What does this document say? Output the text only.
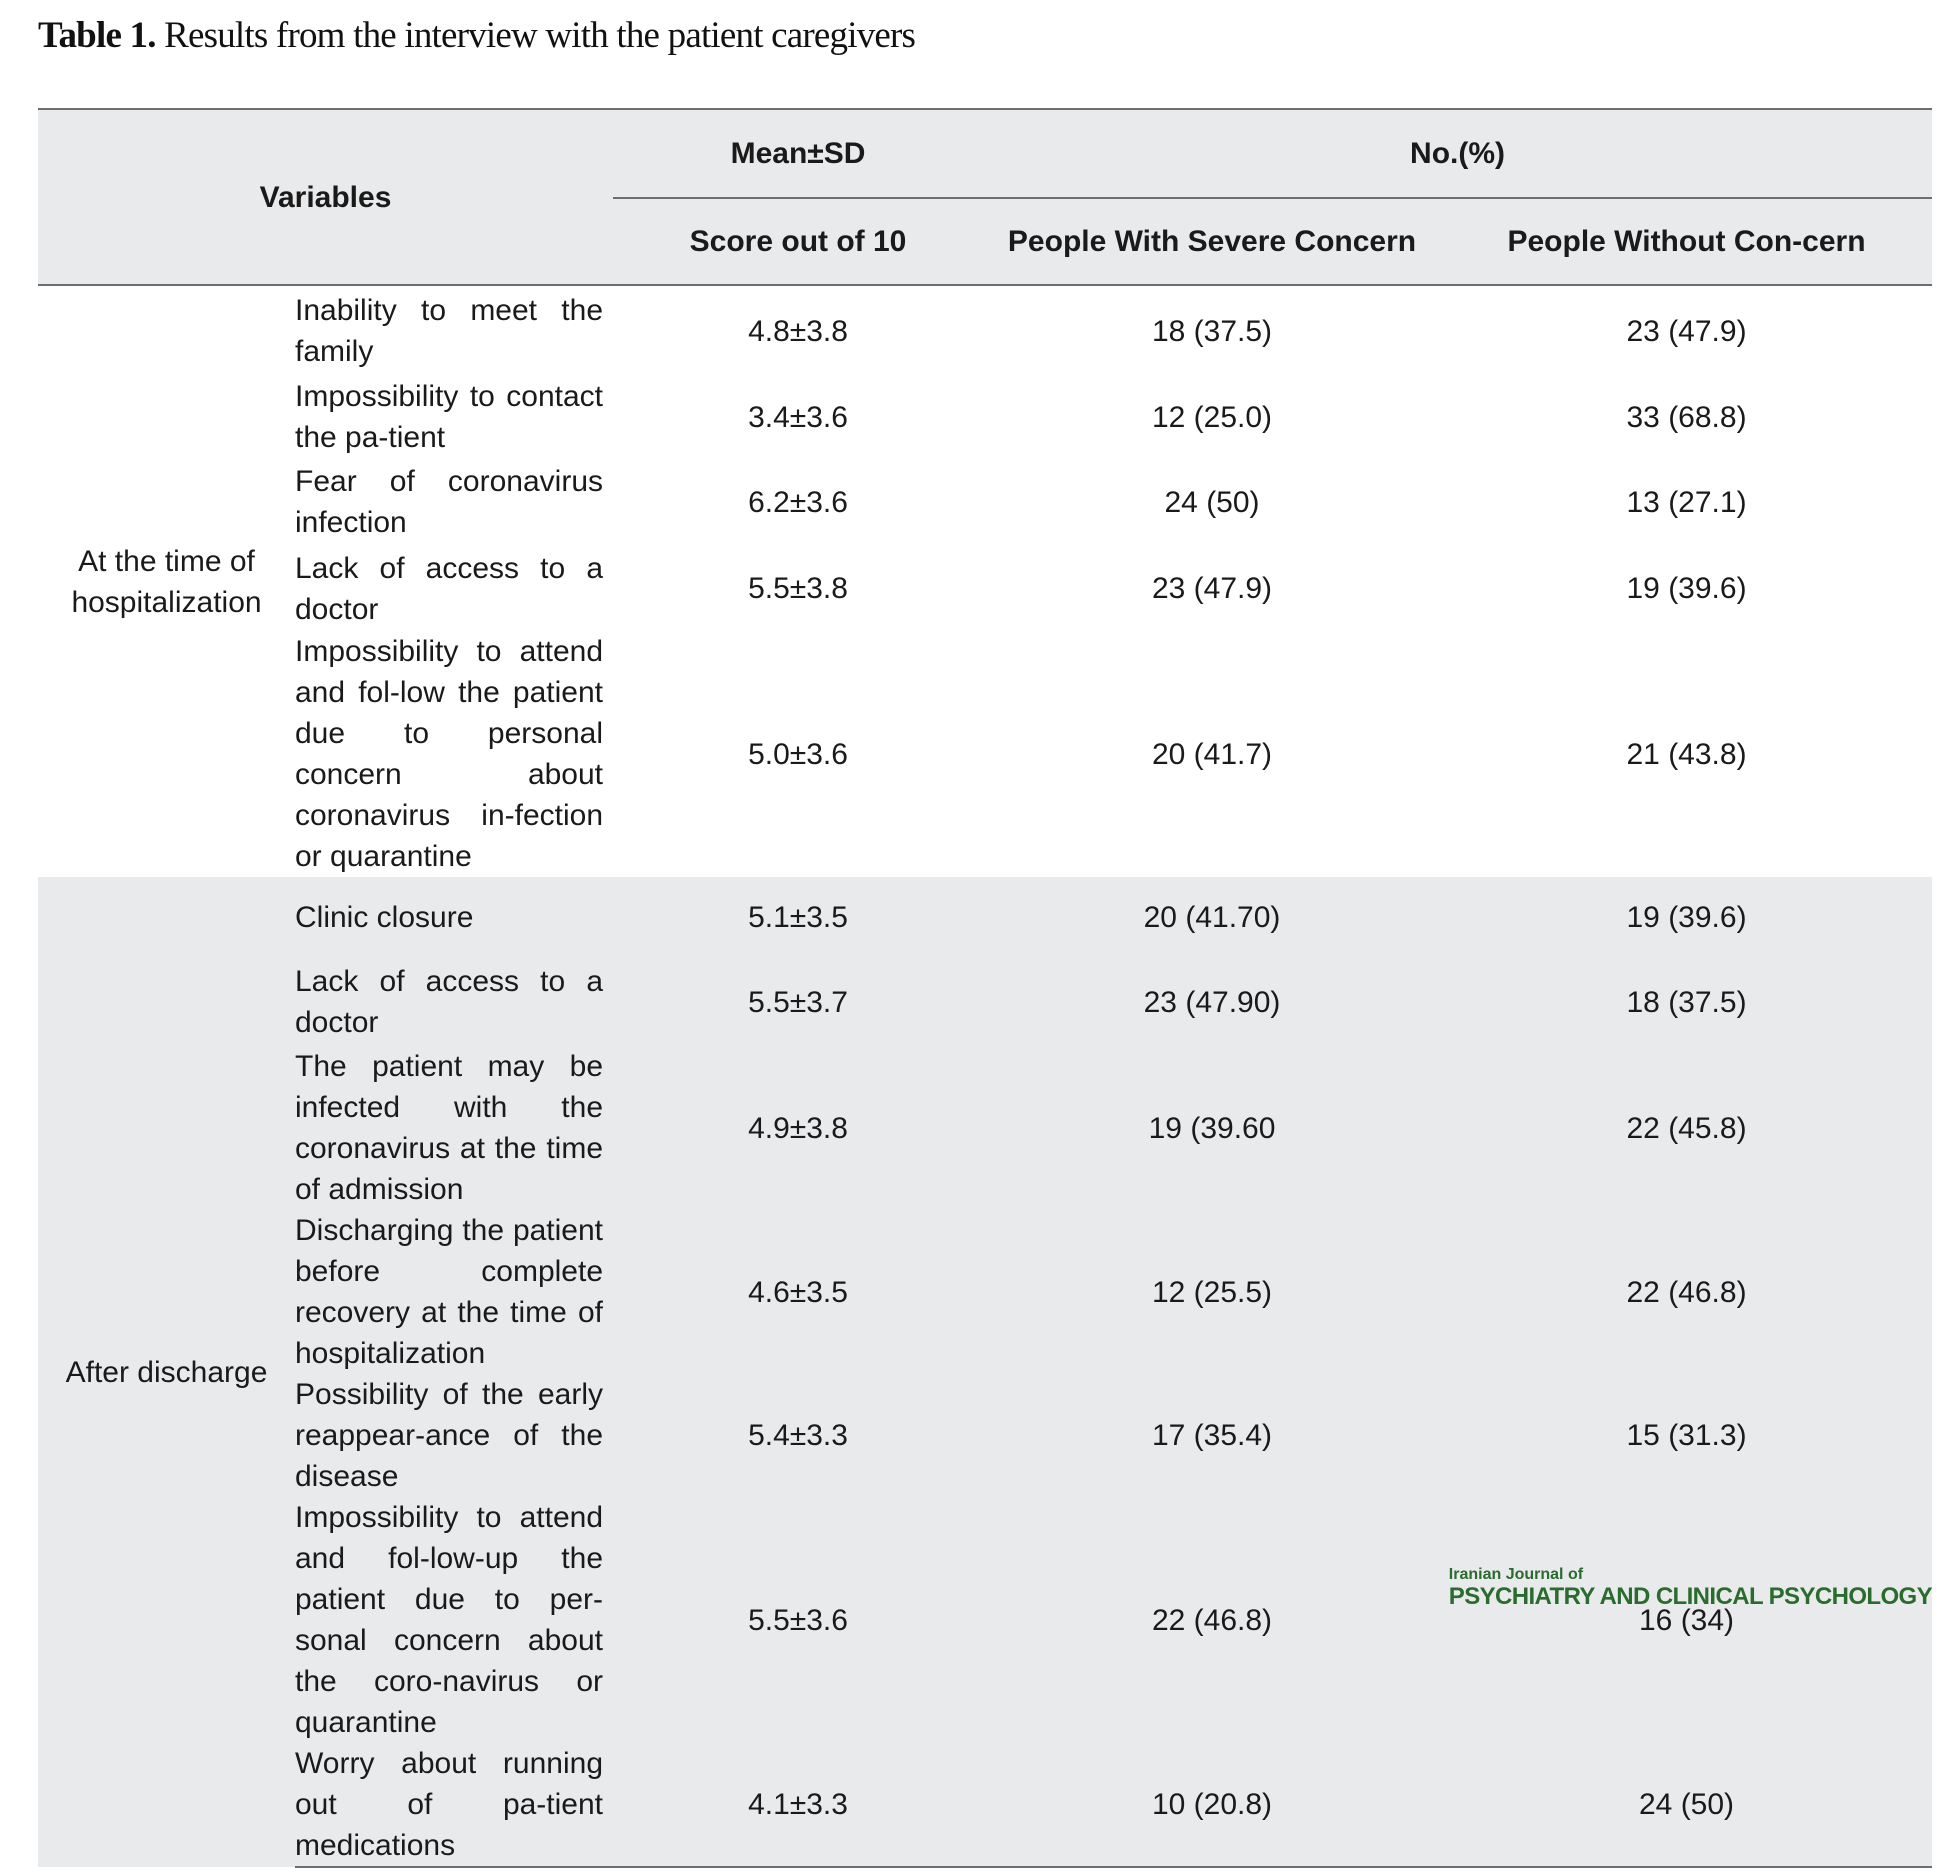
Table 1. Results from the interview with the patient caregivers
Variables		Mean±SD	No.(%)	
		Score out of 10	People With Severe Concern	People Without Con-cern
At the time of hospitalization	Inability to meet the family	4.8±3.8	18 (37.5)	23 (47.9)
	Impossibility to contact the pa-tient	3.4±3.6	12 (25.0)	33 (68.8)
	Fear of coronavirus infection	6.2±3.6	24 (50)	13 (27.1)
	Lack of access to a doctor	5.5±3.8	23 (47.9)	19 (39.6)
	Impossibility to attend and fol-low the patient due to personal concern about coronavirus in-fection or quarantine	5.0±3.6	20 (41.7)	21 (43.8)
After discharge	Clinic closure	5.1±3.5	20 (41.70)	19 (39.6)
	Lack of access to a doctor	5.5±3.7	23 (47.90)	18 (37.5)
	The patient may be infected with the coronavirus at the time of admission	4.9±3.8	19 (39.60	22 (45.8)
	Discharging the patient before complete recovery at the time of hospitalization	4.6±3.5	12 (25.5)	22 (46.8)
	Possibility of the early reappear-ance of the disease	5.4±3.3	17 (35.4)	15 (31.3)
	Impossibility to attend and fol-low-up the patient due to per-sonal concern about the coro-navirus or quarantine	5.5±3.6	22 (46.8)	16 (34)
	Worry about running out of pa-tient medications	4.1±3.3	10 (20.8)	24 (50)
Iranian Journal of
PSYCHIATRY AND CLINICAL PSYCHOLOGY
